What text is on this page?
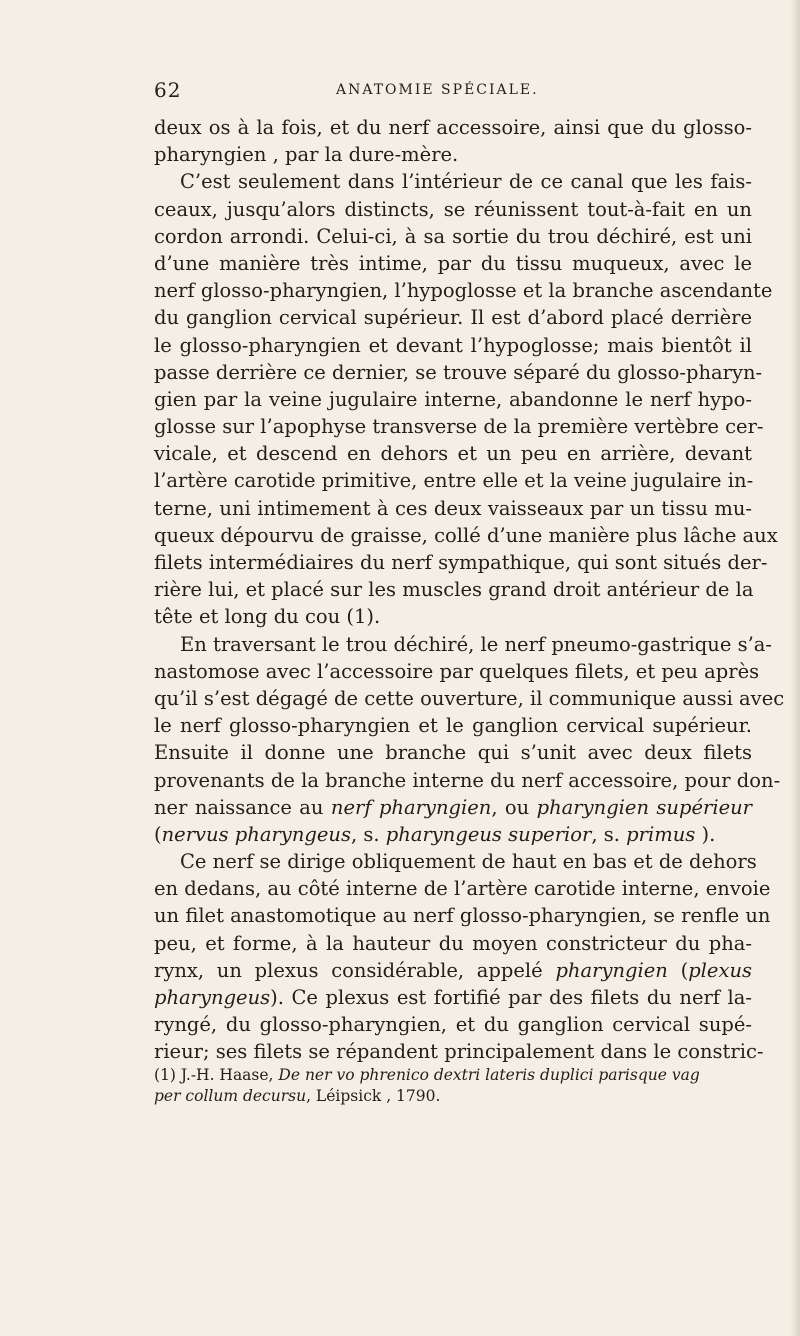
62	ANATOMIE SPÉCIALE.
deux os à la fois, et du nerf accessoire, ainsi que du glosso-
pharyngien , par la dure-mère.
C’est seulement dans l’intérieur de ce canal que les fais-
ceaux, jusqu’alors distincts, se réunissent tout-à-fait en un
cordon arrondi. Celui-ci, à sa sortie du trou déchiré, est uni
d’une manière très intime, par du tissu muqueux, avec le
nerf glosso-pharyngien, l’hypoglosse et la branche ascendante
du ganglion cervical supérieur. Il est d’abord placé derrière
le glosso-pharyngien et devant l’hypoglosse; mais bientôt il
passe derrière ce dernier, se trouve séparé du glosso-pharyn-
gien par la veine jugulaire interne, abandonne le nerf hypo-
glosse sur l’apophyse transverse de la première vertèbre cer-
vicale, et descend en dehors et un peu en arrière, devant
l’artère carotide primitive, entre elle et la veine jugulaire in-
terne, uni intimement à ces deux vaisseaux par un tissu mu-
queux dépourvu de graisse, collé d’une manière plus lâche aux
filets intermédiaires du nerf sympathique, qui sont situés der-
rière lui, et placé sur les muscles grand droit antérieur de la
tête et long du cou (1).
En traversant le trou déchiré, le nerf pneumo-gastrique s’a-
nastomose avec l’accessoire par quelques filets, et peu après
qu’il s’est dégagé de cette ouverture, il communique aussi avec
le nerf glosso-pharyngien et le ganglion cervical supérieur.
Ensuite il donne une branche qui s’unit avec deux filets
provenants de la branche interne du nerf accessoire, pour don-
ner naissance au nerf pharyngien, ou pharyngien supérieur
(nervus pharyngeus, s. pharyngeus superior, s. primus ).
Ce nerf se dirige obliquement de haut en bas et de dehors
en dedans, au côté interne de l’artère carotide interne, envoie
un filet anastomotique au nerf glosso-pharyngien, se renfle un
peu, et forme, à la hauteur du moyen constricteur du pha-
rynx, un plexus considérable, appelé pharyngien (plexus
pharyngeus). Ce plexus est fortifié par des filets du nerf la-
ryngé, du glosso-pharyngien, et du ganglion cervical supé-
rieur; ses filets se répandent principalement dans le constric-
(1) J.-H. Haase, De ner vo phrenico dextri lateris duplici parisque vag
per collum decursu, Léipsick , 1790.
